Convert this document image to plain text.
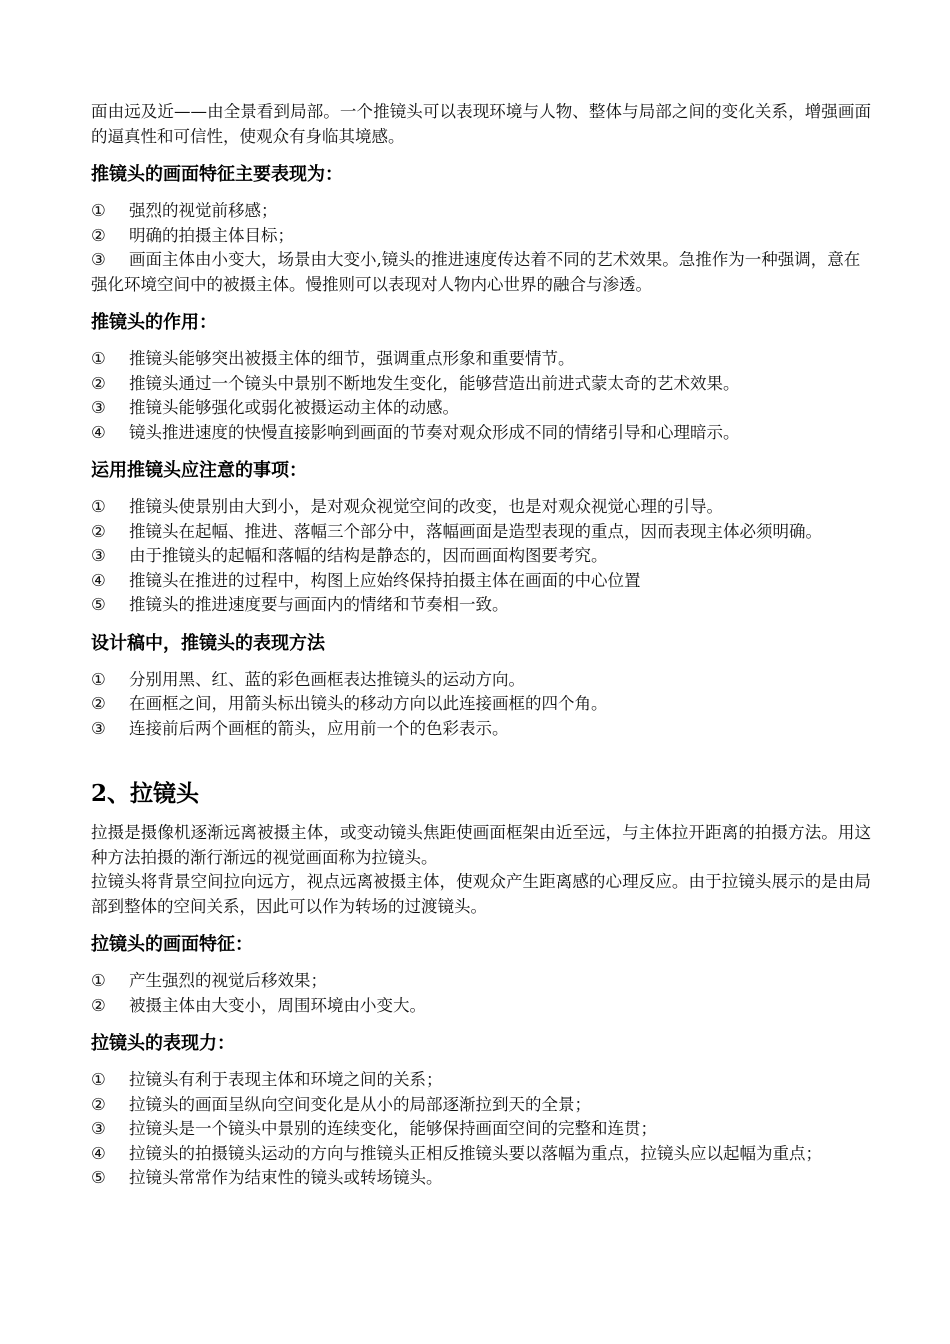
面由远及近——由全景看到局部。一个推镜头可以表现环境与人物、整体与局部之间的变化关系，增强画面的逼真性和可信性，使观众有身临其境感。

推镜头的画面特征主要表现为：
①	强烈的视觉前移感；
②	明确的拍摄主体目标；
③ 画面主体由小变大，场景由大变小,镜头的推进速度传达着不同的艺术效果。急推作为一种强调，意在强化环境空间中的被摄主体。慢推则可以表现对人物内心世界的融合与渗透。
推镜头的作用：
①	推镜头能够突出被摄主体的细节，强调重点形象和重要情节。
②	推镜头通过一个镜头中景别不断地发生变化，能够营造出前进式蒙太奇的艺术效果。
③	推镜头能够强化或弱化被摄运动主体的动感。
④	镜头推进速度的快慢直接影响到画面的节奏对观众形成不同的情绪引导和心理暗示。
运用推镜头应注意的事项：
①	推镜头使景别由大到小，是对观众视觉空间的改变，也是对观众视觉心理的引导。
② 推镜头在起幅、推进、落幅三个部分中，落幅画面是造型表现的重点，因而表现主体必须明确。
③	由于推镜头的起幅和落幅的结构是静态的，因而画面构图要考究。
④	推镜头在推进的过程中，构图上应始终保持拍摄主体在画面的中心位置
⑤	推镜头的推进速度要与画面内的情绪和节奏相一致。
设计稿中，推镜头的表现方法
①	分别用黑、红、蓝的彩色画框表达推镜头的运动方向。
②	在画框之间，用箭头标出镜头的移动方向以此连接画框的四个角。
③	连接前后两个画框的箭头，应用前一个的色彩表示。
2、拉镜头

拉摄是摄像机逐渐远离被摄主体，或变动镜头焦距使画面框架由近至远，与主体拉开距离的拍摄方法。用这种方法拍摄的渐行渐远的视觉画面称为拉镜头。

拉镜头将背景空间拉向远方，视点远离被摄主体，使观众产生距离感的心理反应。由于拉镜头展示的是由局部到整体的空间关系，因此可以作为转场的过渡镜头。

拉镜头的画面特征：
①	产生强烈的视觉后移效果；
②	被摄主体由大变小，周围环境由小变大。
拉镜头的表现力：
①	拉镜头有利于表现主体和环境之间的关系；
②	拉镜头的画面呈纵向空间变化是从小的局部逐渐拉到天的全景；
③	拉镜头是一个镜头中景别的连续变化，能够保持画面空间的完整和连贯；
④ 拉镜头的拍摄镜头运动的方向与推镜头正相反推镜头要以落幅为重点，拉镜头应以起幅为重点；
⑤	拉镜头常常作为结束性的镜头或转场镜头。
